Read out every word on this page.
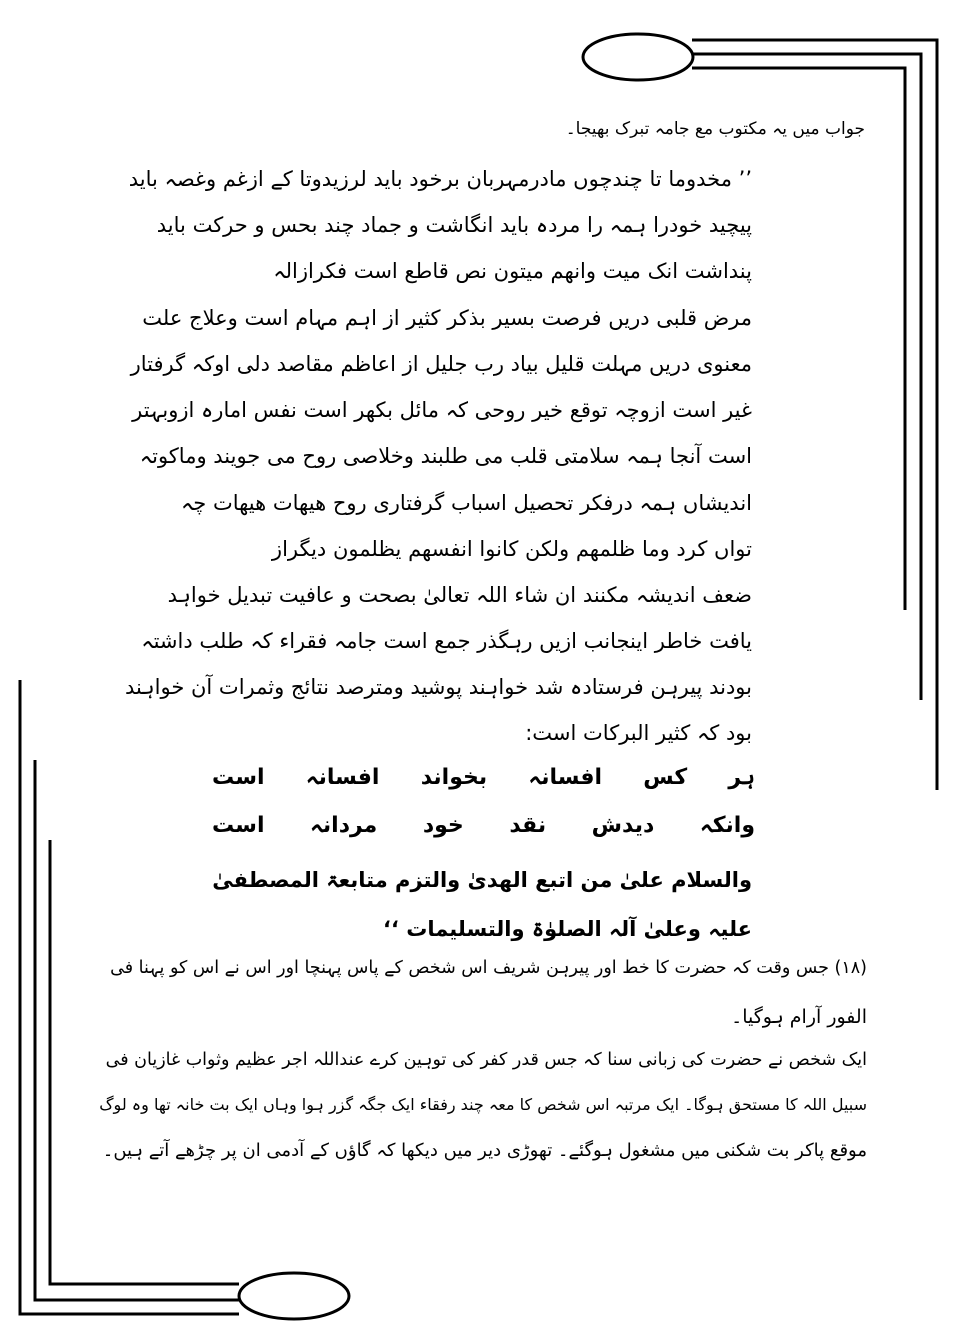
جواب میں یہ مکتوب مع جامہ تبرک بھیجا۔
’’ مخدوما تا چندچوں مادرمہربان برخود باید لرزیدوتا کے ازغم وغصہ باید
پیچید خودرا ہمہ را مردہ باید انگاشت و جماد چند بحس و حرکت باید
پنداشت انک میت وانھم میتون نص قاطع است فکرازالہ
مرض قلبی دریں فرصت بسیر بذکر کثیر از اہم مہام است وعلاج علت
معنوی دریں مہلت قلیل بیاد رب جلیل از اعاظم مقاصد دلی اوکہ گرفتار
غیر است ازوچہ توقع خیر روحی کہ مائل بکھر است نفس امارہ ازوبہتر
است آنجا ہمہ سلامتی قلب می طلبند وخلاصی روح می جویند وماکوتہ
اندیشاں ہمہ درفکر تحصیل اسباب گرفتاری روح ھیھات ھیھات چہ
تواں کرد وما ظلمھم ولکن کانوا انفسھم یظلمون دیگراز
ضعف اندیشہ مکنند ان شاء اللہ تعالیٰ بصحت و عافیت تبدیل خواہد
یافت خاطر اینجانب ازیں رہگذر جمع است جامہ فقراء کہ طلب داشتہ
بودند پیرہن فرستادہ شد خواہند پوشید ومترصد نتائج وثمرات آن خواہند
بود کہ کثیر البرکات است:
ہر
کس
افسانہ
بخواند
افسانہ
است
وانکہ
دیدش
نقد
خود
مردانہ
است
والسلام علیٰ من اتبع الھدیٰ والتزم متابعۃ المصطفیٰ
علیہ وعلیٰ آلہ الصلوٰۃ والتسلیمات ‘‘
(۱۸) جس وقت کہ حضرت کا خط اور پیرہن شریف اس شخص کے پاس پہنچا اور اس نے اس کو پہنا فی
الفور آرام ہوگیا۔
ایک شخص نے حضرت کی زبانی سنا کہ جس قدر کفر کی توہین کرے عنداللہ اجر عظیم وثواب غازیان فی
سبیل اللہ کا مستحق ہوگا۔ ایک مرتبہ اس شخص کا معہ چند رفقاء ایک جگہ گزر ہوا وہاں ایک بت خانہ تھا وہ لوگ
موقع پاکر بت شکنی میں مشغول ہوگئے۔ تھوڑی دیر میں دیکھا کہ گاؤں کے آدمی ان پر چڑھے آتے ہیں۔
